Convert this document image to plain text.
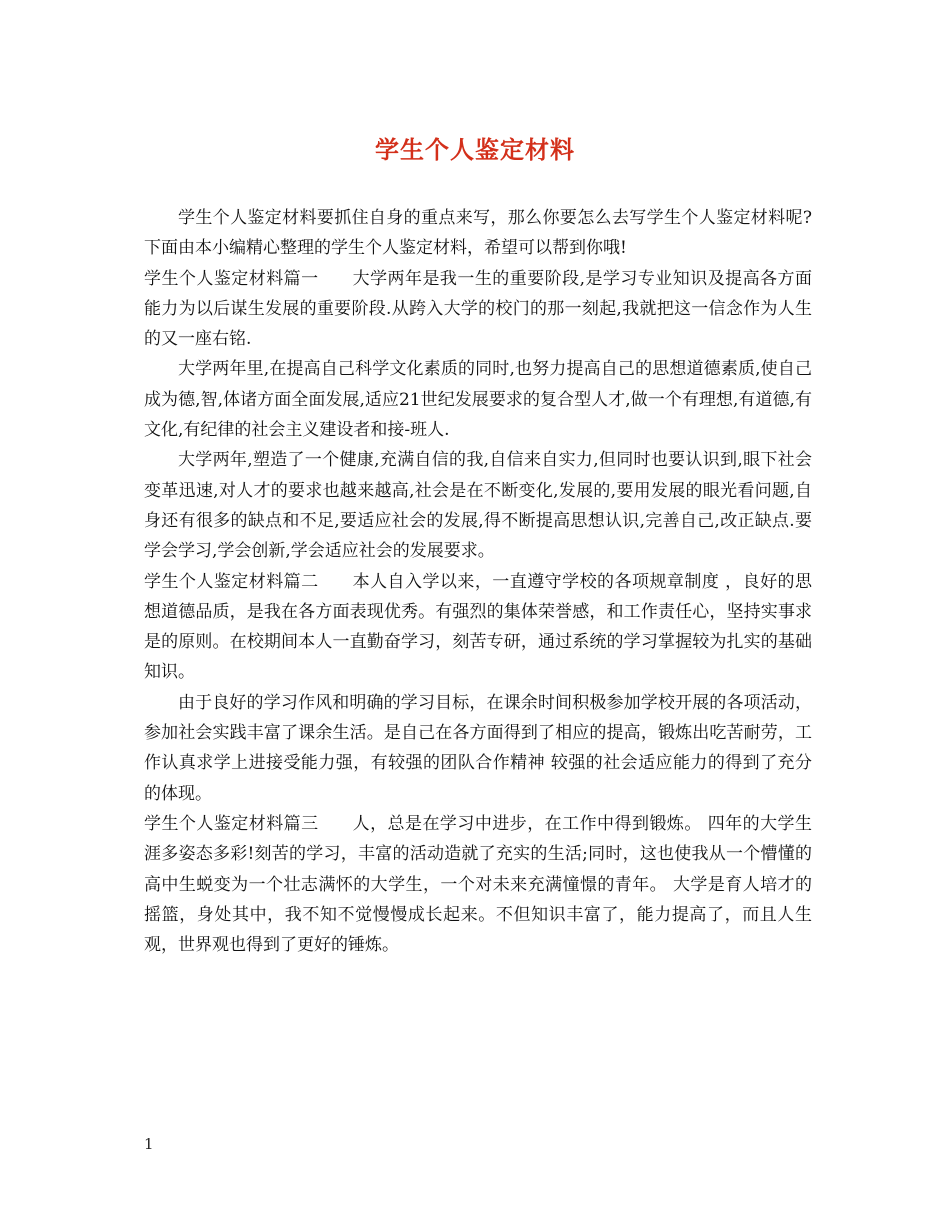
学生个人鉴定材料

学生个人鉴定材料要抓住自身的重点来写，那么你要怎么去写学生个人鉴定材料呢?下面由本小编精心整理的学生个人鉴定材料，希望可以帮到你哦!

学生个人鉴定材料篇一 大学两年是我一生的重要阶段,是学习专业知识及提高各方面能力为以后谋生发展的重要阶段.从跨入大学的校门的那一刻起,我就把这一信念作为人生的又一座右铭.

大学两年里,在提高自己科学文化素质的同时,也努力提高自己的思想道德素质,使自己成为德,智,体诸方面全面发展,适应21世纪发展要求的复合型人才,做一个有理想,有道德,有文化,有纪律的社会主义建设者和接-班人.

大学两年,塑造了一个健康,充满自信的我,自信来自实力,但同时也要认识到,眼下社会变革迅速,对人才的要求也越来越高,社会是在不断变化,发展的,要用发展的眼光看问题,自身还有很多的缺点和不足,要适应社会的发展,得不断提高思想认识,完善自己,改正缺点.要学会学习,学会创新,学会适应社会的发展要求。

学生个人鉴定材料篇二 本人自入学以来，一直遵守学校的各项规章制度 ，良好的思想道德品质，是我在各方面表现优秀。有强烈的集体荣誉感，和工作责任心，坚持实事求是的原则。在校期间本人一直勤奋学习，刻苦专研，通过系统的学习掌握较为扎实的基础知识。

由于良好的学习作风和明确的学习目标，在课余时间积极参加学校开展的各项活动，参加社会实践丰富了课余生活。是自己在各方面得到了相应的提高，锻炼出吃苦耐劳，工作认真求学上进接受能力强，有较强的团队合作精神 较强的社会适应能力的得到了充分的体现。

学生个人鉴定材料篇三 人，总是在学习中进步，在工作中得到锻炼。 四年的大学生涯多姿态多彩!刻苦的学习，丰富的活动造就了充实的生活;同时，这也使我从一个懵懂的高中生蜕变为一个壮志满怀的大学生，一个对未来充满憧憬的青年。 大学是育人培才的摇篮，身处其中，我不知不觉慢慢成长起来。不但知识丰富了，能力提高了，而且人生观，世界观也得到了更好的锤炼。

1
